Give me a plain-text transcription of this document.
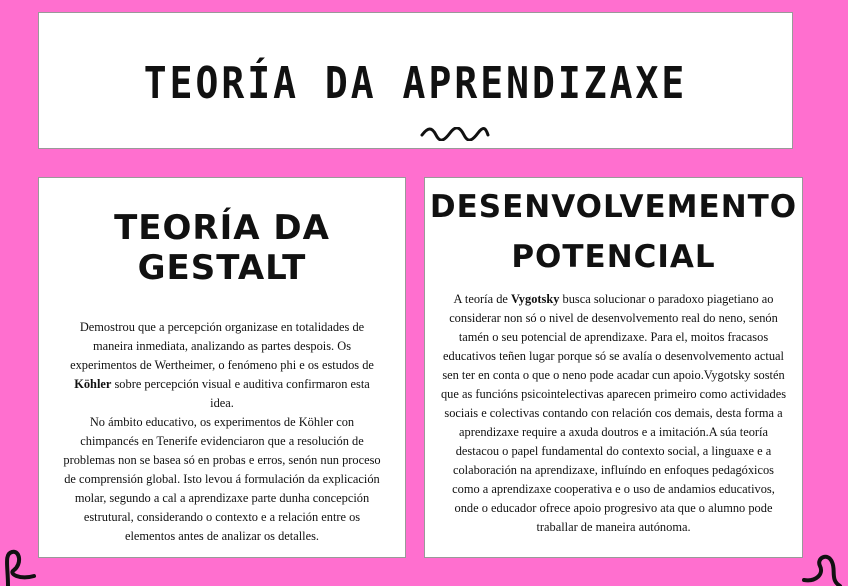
TEORÍA DA APRENDIZAXE
TEORÍA DA GESTALT

Demostrou que a percepción organizase en totalidades de maneira inmediata, analizando as partes despois. Os experimentos de Wertheimer, o fenómeno phi e os estudos de Köhler sobre percepción visual e auditiva confirmaron esta idea.

No ámbito educativo, os experimentos de Köhler con chimpancés en Tenerife evidenciaron que a resolución de problemas non se basea só en probas e erros, senón nun proceso de comprensión global. Isto levou á formulación da explicación molar, segundo a cal a aprendizaxe parte dunha concepción estrutural, considerando o contexto e a relación entre os elementos antes de analizar os detalles.

DESENVOLVEMENTO
POTENCIAL

A teoría de Vygotsky busca solucionar o paradoxo piagetiano ao considerar non só o nivel de desenvolvemento real do neno, senón tamén o seu potencial de aprendizaxe. Para el, moitos fracasos educativos teñen lugar porque só se avalía o desenvolvemento actual sen ter en conta o que o neno pode acadar cun apoio.Vygotsky sostén que as funcións psicointelectivas aparecen primeiro como actividades sociais e colectivas contando con relación cos demais, desta forma a aprendizaxe require a axuda doutros e a imitación.A súa teoría destacou o papel fundamental do contexto social, a linguaxe e a colaboración na aprendizaxe, influíndo en enfoques pedagóxicos como a aprendizaxe cooperativa e o uso de andamios educativos, onde o educador ofrece apoio progresivo ata que o alumno pode traballar de maneira autónoma.
